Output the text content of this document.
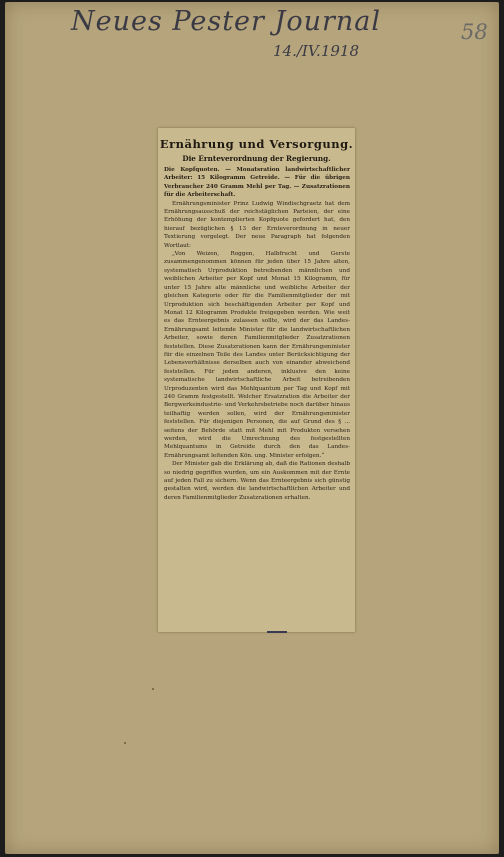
Neues Pester Journal
14./IV.1918
58
Ernährung und Versorgung.
Die Ernteverordnung der Regierung.

Die Kopfquoten. — Monatsration landwirtschaftlicher Arbeiter: 15 Kilogramm Getreide. — Für die übrigen Verbraucher 240 Gramm Mehl per Tag. — Zusatzrationen für die Arbeiterschaft.

Ernährungsminister Prinz Ludwig Windischgraetz hat dem Ernährungsausschuß der reichstäglichen Parteien, der eine Erhöhung der kontemplierten Kopfquote gefordert hat, den hierauf bezüglichen § 13 der Ernteverordnung in neuer Textierung vorgelegt. Der neue Paragraph hat folgenden Wortlaut:

„Von Weizen, Roggen, Halbfrucht und Gerste zusammengenommen können für jeden über 15 Jahre alten, systematisch Urproduktion betreibenden männlichen und weiblichen Arbeiter per Kopf und Monat 15 Kilogramm, für unter 15 Jahre alte männliche und weibliche Arbeiter der gleichen Kategorie oder für die Familienmitglieder der mit Urproduktion sich beschäftigenden Arbeiter per Kopf und Monat 12 Kilogramm Produkte freigegeben werden. Wie weit es das Ernteergebnis zulassen sollte, wird der das Landes-Ernährungsamt leitende Minister für die landwirtschaftlichen Arbeiter, sowie deren Familienmitglieder Zusatzrationen feststellen. Diese Zusatzrationen kann der Ernährungsminister für die einzelnen Teile des Landes unter Berücksichtigung der Lebensverhältnisse derselben auch von einander abweichend feststellen. Für jeden anderen, inklusive den keine systematische landwirtschaftliche Arbeit betreibenden Urproduzenten wird das Mehlquantum per Tag und Kopf mit 240 Gramm festgestellt. Welcher Ersatzration die Arbeiter der Bergwerksindustrie- und Verkehrsbetriebe noch darüber hinaus teilhaftig werden sollen, wird der Ernährungsminister feststellen. Für diejenigen Personen, die auf Grund des § ... seitens der Behörde statt mit Mehl mit Produkten versehen werden, wird die Umrechnung des festgestellten Mehlquantums in Getreide durch den das Landes-Ernährungsamt leitenden Kön. ung. Minister erfolgen.“

Der Minister gab die Erklärung ab, daß die Rationen deshalb so niedrig gegriffen wurden, um ein Auskommen mit der Ernte auf jeden Fall zu sichern. Wenn das Ernteergebnis sich günstig gestalten wird, werden die landwirtschaftlichen Arbeiter und deren Familienmitglieder Zusatzrationen erhalten.
